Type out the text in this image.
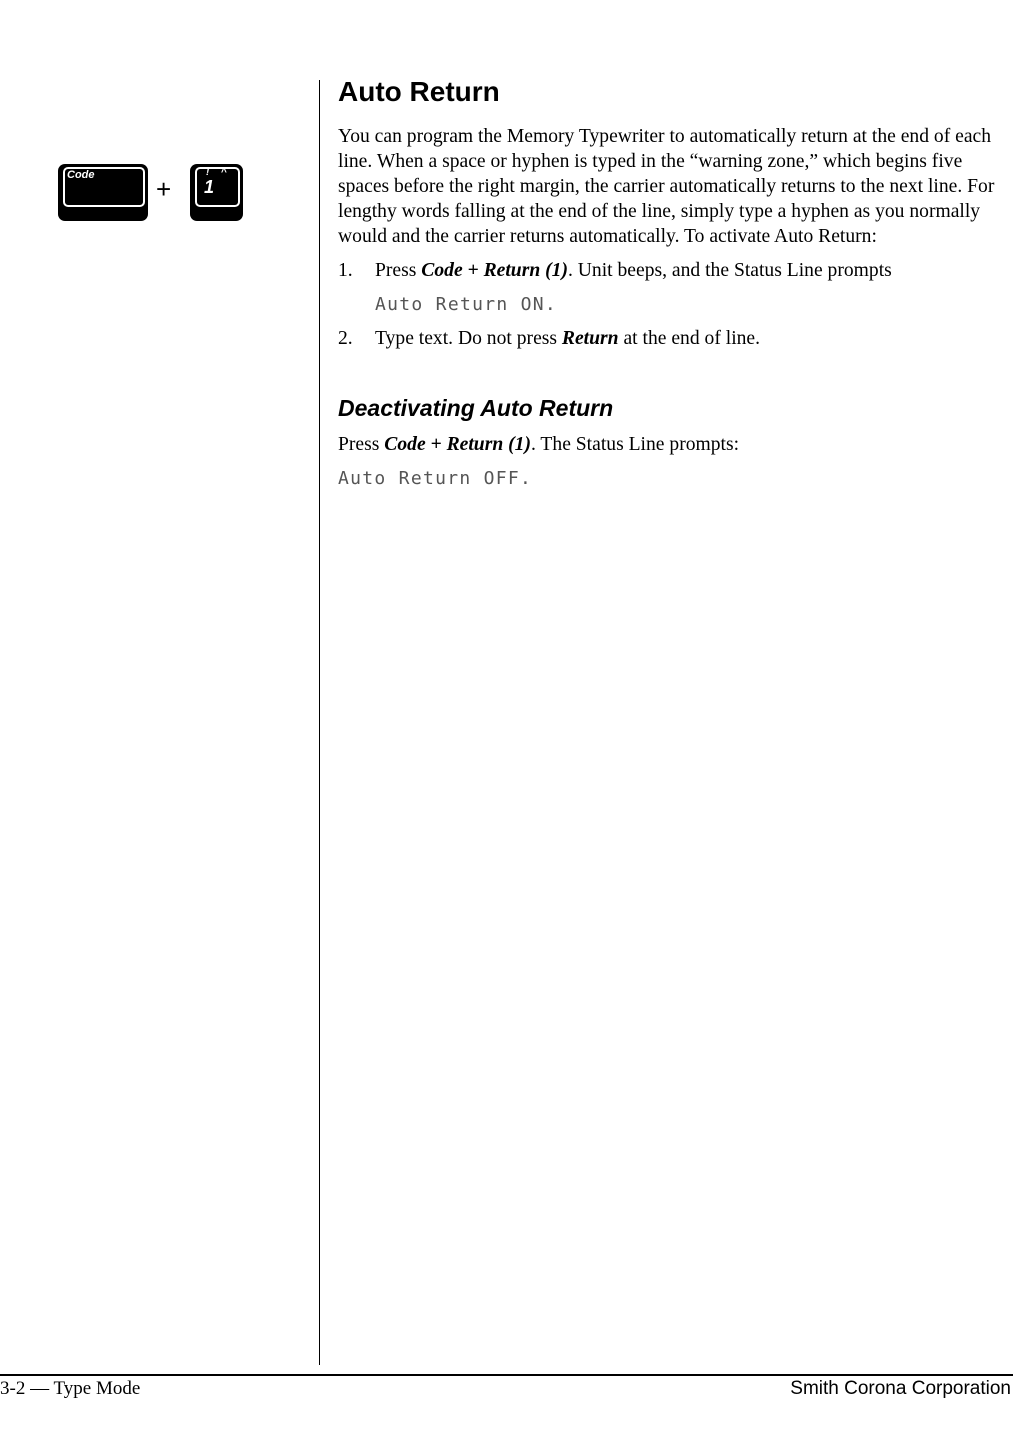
Code +
! ^
1
Auto Return

You can program the Memory Typewriter to automatically return at the end of each line. When a space or hyphen is typed in the “warning zone,” which begins five spaces before the right margin, the carrier automatically returns to the next line. For lengthy words falling at the end of the line, simply type a hyphen as you normally would and the carrier returns automatically. To activate Auto Return:

1. Press Code + Return (1). Unit beeps, and the Status Line prompts
Auto Return ON.
2. Type text. Do not press Return at the end of line.
Deactivating Auto Return

Press Code + Return (1). The Status Line prompts:

Auto Return OFF.
3-2 — Type Mode	Smith Corona Corporation
